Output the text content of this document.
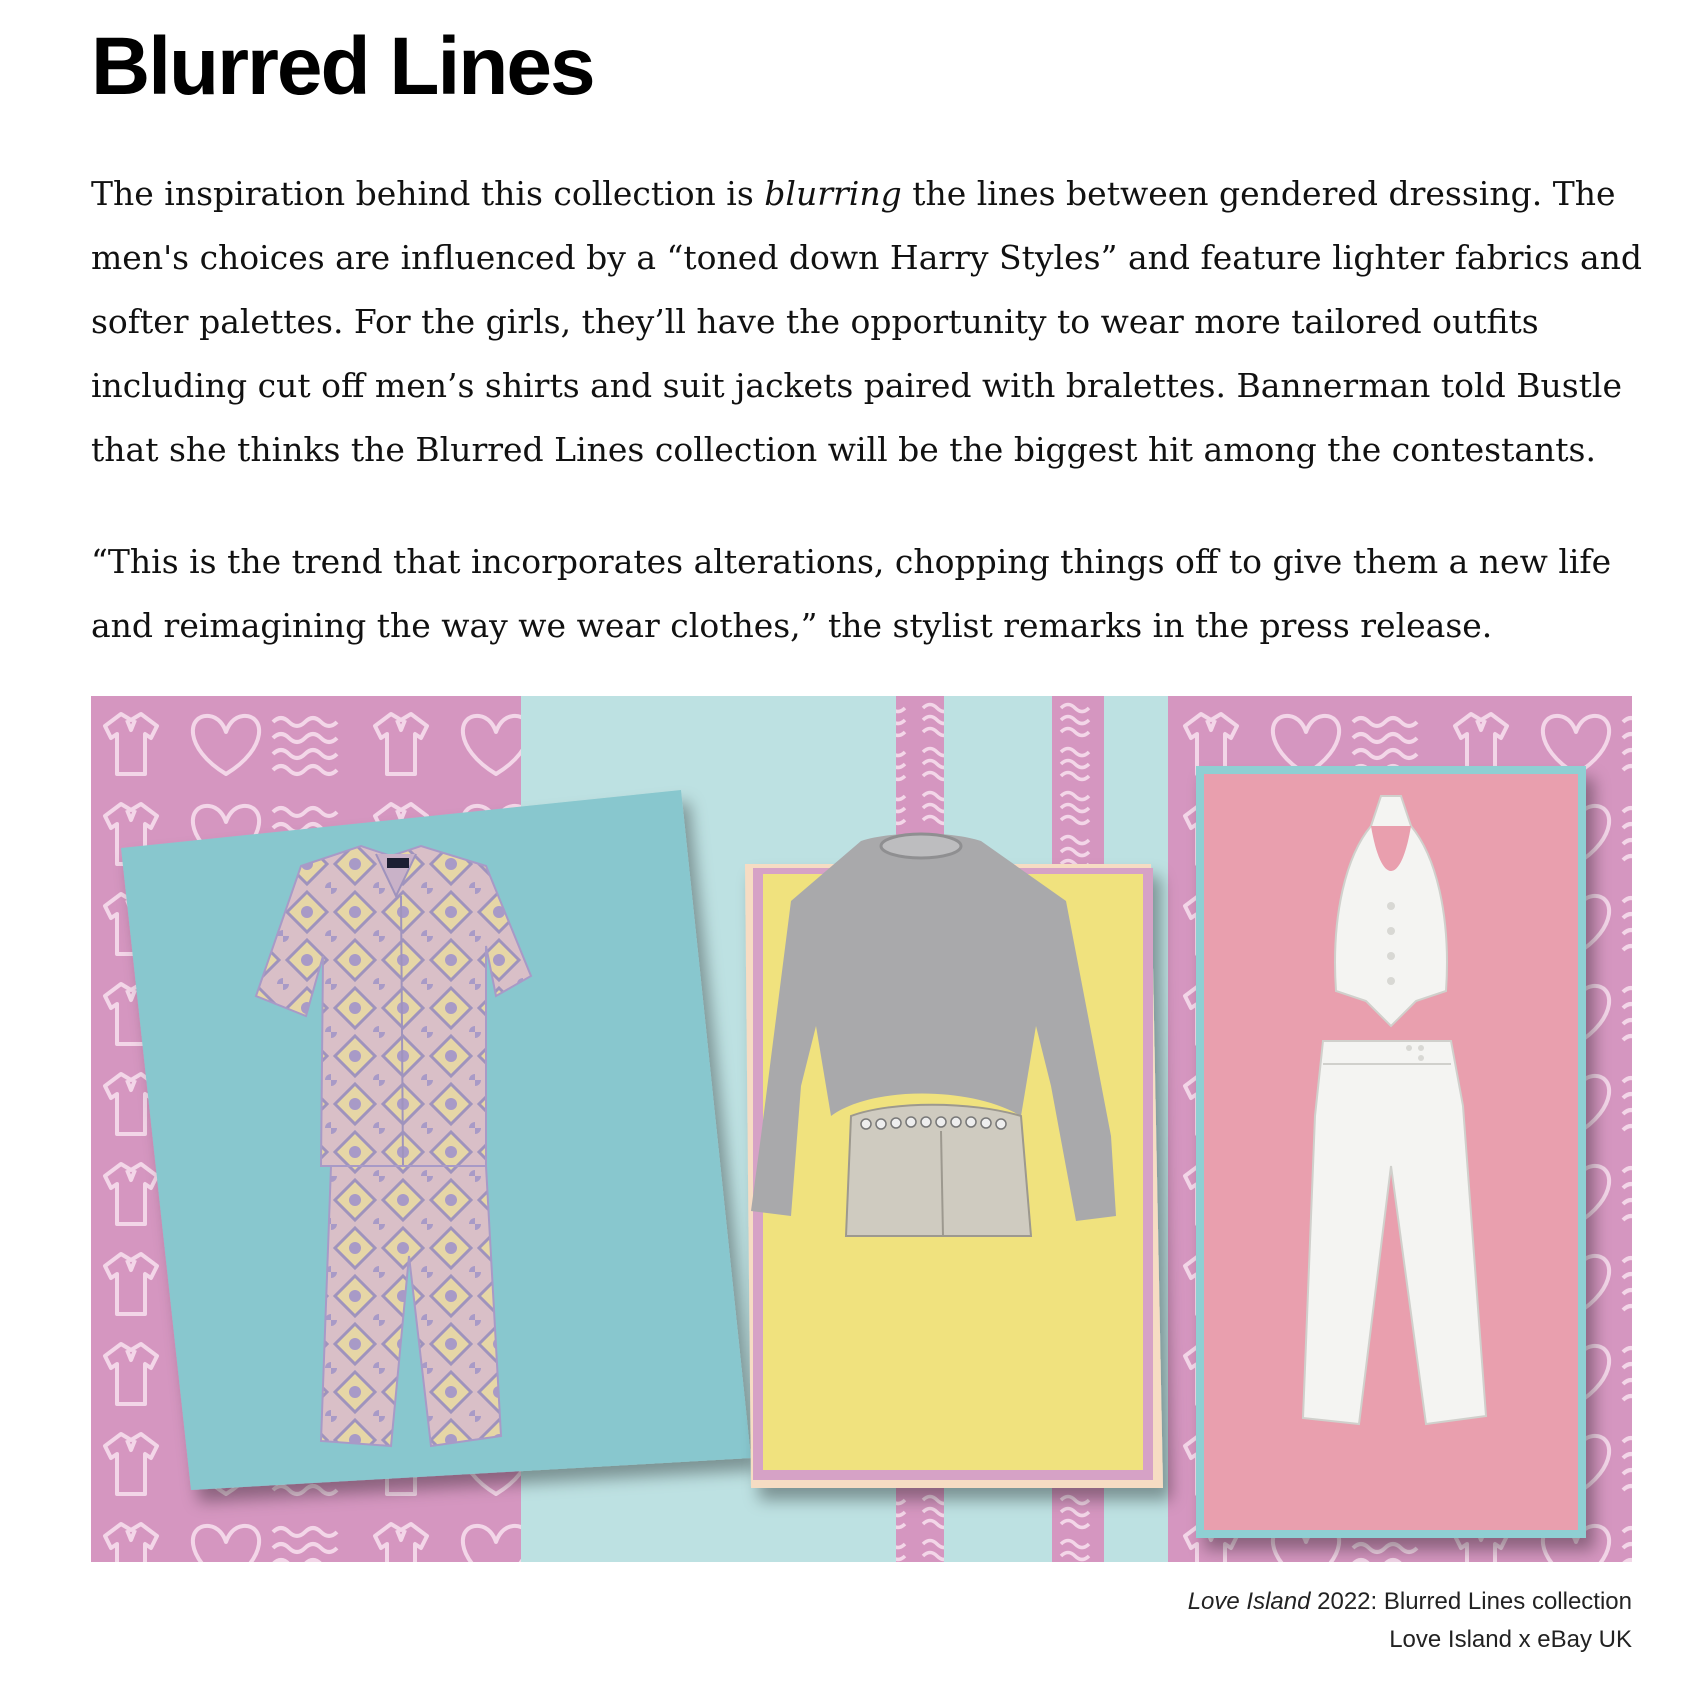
Blurred Lines

The inspiration behind this collection is blurring the lines between gendered dressing. The men's choices are influenced by a “toned down Harry Styles” and feature lighter fabrics and softer palettes. For the girls, they’ll have the opportunity to wear more tailored outfits including cut off men’s shirts and suit jackets paired with bralettes. Bannerman told Bustle that she thinks the Blurred Lines collection will be the biggest hit among the contestants.

“This is the trend that incorporates alterations, chopping things off to give them a new life and reimagining the way we wear clothes,” the stylist remarks in the press release.

Love Island 2022: Blurred Lines collection
Love Island x eBay UK
